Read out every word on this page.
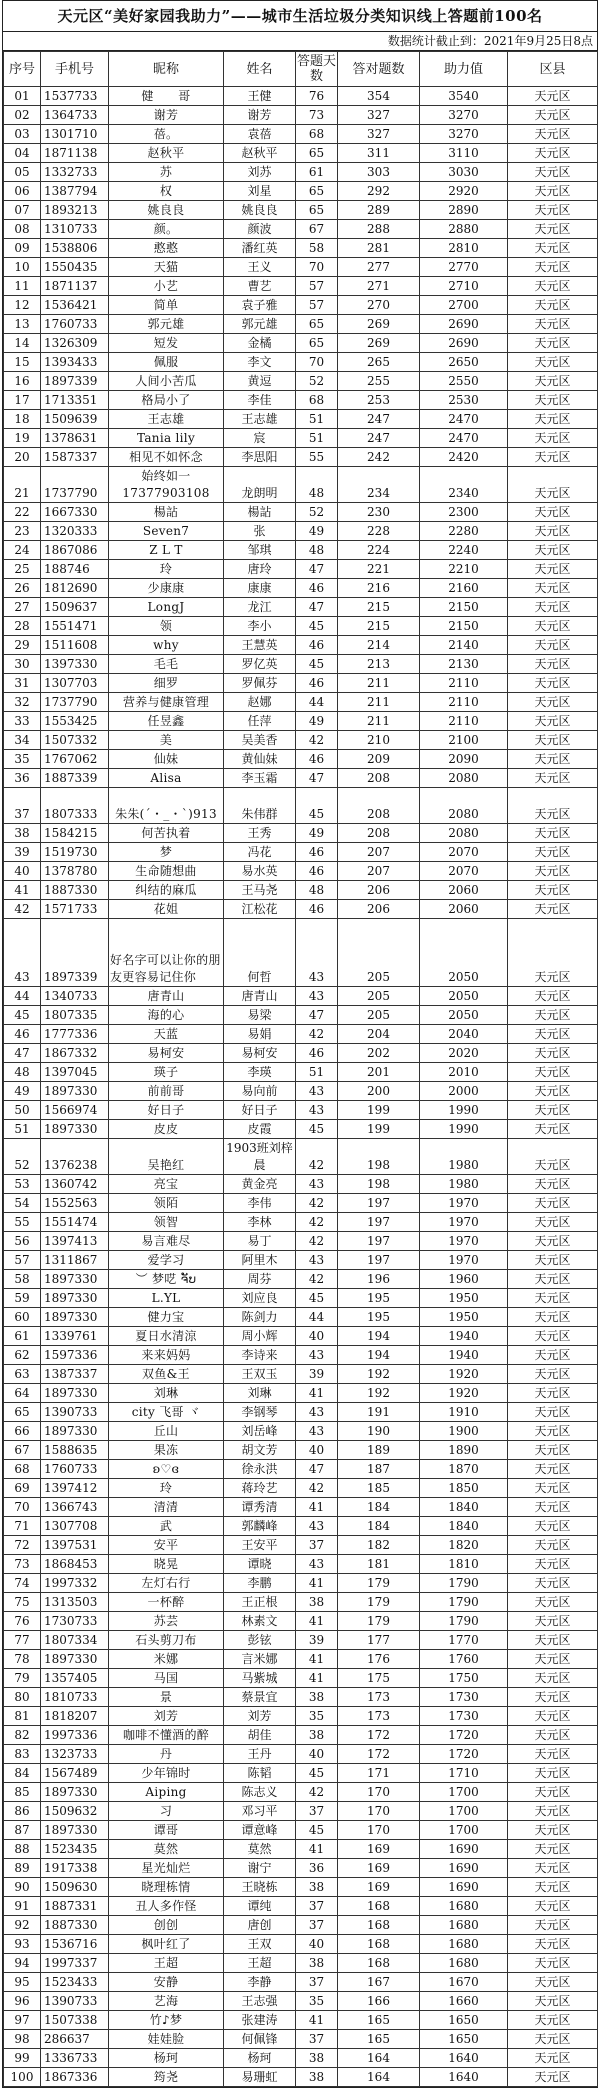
天元区“美好家园我助力”——城市生活垃圾分类知识线上答题前100名
数据统计截止到：2021年9月25日8点
序号	手机号	昵称	姓名	答题天数	答对题数	助力值	区县
01	1537733	健　　哥	王健	76	354	3540	天元区
02	1364733	谢芳	谢芳	73	327	3270	天元区
03	1301710	蓓。	袁蓓	68	327	3270	天元区
04	1871138	赵秋平	赵秋平	65	311	3110	天元区
05	1332733	苏	刘苏	61	303	3030	天元区
06	1387794	权	刘星	65	292	2920	天元区
07	1893213	姚良良	姚良良	65	289	2890	天元区
08	1310733	颜。	颜波	67	288	2880	天元区
09	1538806	憨憨	潘红英	58	281	2810	天元区
10	1550435	天猫	王义	70	277	2770	天元区
11	1871137	小艺	曹艺	57	271	2710	天元区
12	1536421	简单	袁子雅	57	270	2700	天元区
13	1760733	郭元雄	郭元雄	65	269	2690	天元区
14	1326309	短发	金橘	65	269	2690	天元区
15	1393433	佩服	李文	70	265	2650	天元区
16	1897339	人间小苦瓜	黄逗	52	255	2550	天元区
17	1713351	格局小了	李佳	68	253	2530	天元区
18	1509639	王志雄	王志雄	51	247	2470	天元区
19	1378631	Tania lily	宸	51	247	2470	天元区
20	1587337	相见不如怀念	李思阳	55	242	2420	天元区
21	1737790	始终如一17377903108	龙朗明	48	234	2340	天元区
22	1667330	楊詀	楊詀	52	230	2300	天元区
23	1320333	Seven7	张	49	228	2280	天元区
24	1867086	Z L T	邹琪	48	224	2240	天元区
25	188746	玲	唐玲	47	221	2210	天元区
26	1812690	少康康	康康	46	216	2160	天元区
27	1509637	LongJ	龙江	47	215	2150	天元区
28	1551471	领	李小	45	215	2150	天元区
29	1511608	why	王慧英	46	214	2140	天元区
30	1397330	毛毛	罗亿英	45	213	2130	天元区
31	1307703	细罗	罗佩芬	46	211	2110	天元区
32	1737790	营养与健康管理	赵娜	44	211	2110	天元区
33	1553425	任昱鑫	任萍	49	211	2110	天元区
34	1507332	美	吴美香	42	210	2100	天元区
35	1767062	仙妹	黄仙妹	46	209	2090	天元区
36	1887339	Alisa	李玉霜	47	208	2080	天元区
37	1807333	朱朱(´・_・`)913	朱伟群	45	208	2080	天元区
38	1584215	何苦执着	王秀	49	208	2080	天元区
39	1519730	梦	冯花	46	207	2070	天元区
40	1378780	生命随想曲	易水英	46	207	2070	天元区
41	1887330	纠结的麻瓜	王马尧	48	206	2060	天元区
42	1571733	花姐	江松花	46	206	2060	天元区
43	1897339	好名字可以让你的朋友更容易记住你	何哲	43	205	2050	天元区
44	1340733	唐青山	唐青山	43	205	2050	天元区
45	1807335	海的心	易梁	47	205	2050	天元区
46	1777336	天蓝	易娟	42	204	2040	天元区
47	1867332	易柯安	易柯安	46	202	2020	天元区
48	1397045	瑛子	李瑛	51	201	2010	天元区
49	1897330	前前哥	易向前	43	200	2000	天元区
50	1566974	好日子	好日子	43	199	1990	天元区
51	1897330	皮皮	皮霞	45	199	1990	天元区
52	1376238	吴艳红	1903班刘梓晨	42	198	1980	天元区
53	1360742	亮宝	黄金亮	43	198	1980	天元区
54	1552563	领陌	李伟	42	197	1970	天元区
55	1551474	领智	李林	42	197	1970	天元区
56	1397413	易言难尽	易丁	42	197	1970	天元区
57	1311867	爱学习	阿里木	43	197	1970	天元区
58	1897330	︶ 梦呓 ຈັບ	周芬	42	196	1960	天元区
59	1897330	L.YL	刘应良	45	195	1950	天元区
60	1897330	健力宝	陈剑力	44	195	1950	天元区
61	1339761	夏日水清涼	周小辉	40	194	1940	天元区
62	1597336	来来妈妈	李诗来	43	194	1940	天元区
63	1387337	双鱼&王	王双玉	39	192	1920	天元区
64	1897330	刘琳	刘琳	41	192	1920	天元区
65	1390733	city 飞哥 ヾ	李钢琴	43	191	1910	天元区
66	1897330	丘山	刘岳峰	43	190	1900	天元区
67	1588635	果冻	胡文芳	40	189	1890	天元区
68	1760733	ʚ♡ɞ	徐永洪	47	187	1870	天元区
69	1397412	玲	蒋玲艺	42	185	1850	天元区
70	1366743	清清	谭秀清	41	184	1840	天元区
71	1307708	武	郭麟峰	43	184	1840	天元区
72	1397531	安平	王安平	37	182	1820	天元区
73	1868453	晓晃	谭晓	43	181	1810	天元区
74	1997332	左灯右行	李鹏	41	179	1790	天元区
75	1313503	一杯醉	王正根	38	179	1790	天元区
76	1730733	苏芸	林素文	41	179	1790	天元区
77	1807334	石头剪刀布	彭铉	39	177	1770	天元区
78	1897330	米娜	言米娜	41	176	1760	天元区
79	1357405	马国	马紫城	41	175	1750	天元区
80	1810733	景	蔡景宜	38	173	1730	天元区
81	1818207	刘芳	刘芳	35	173	1730	天元区
82	1997336	咖啡不懂酒的醉	胡佳	38	172	1720	天元区
83	1323733	丹	王丹	40	172	1720	天元区
84	1567489	少年锦时	陈韬	45	171	1710	天元区
85	1897330	Aiping	陈志义	42	170	1700	天元区
86	1509632	习	邓习平	37	170	1700	天元区
87	1897330	谭哥	谭意峰	45	170	1700	天元区
88	1523435	莫然	莫然	41	169	1690	天元区
89	1917338	星光灿烂	谢宁	36	169	1690	天元区
90	1509630	晓理栋情	王晓栋	38	169	1690	天元区
91	1887331	丑人多作怪	谭纯	37	168	1680	天元区
92	1887330	创创	唐创	37	168	1680	天元区
93	1536716	枫叶红了	王双	40	168	1680	天元区
94	1997337	王超	王超	38	168	1680	天元区
95	1523433	安静	李静	37	167	1670	天元区
96	1390733	艺海	王志强	35	166	1660	天元区
97	1507338	竹♪梦	张建涛	41	165	1650	天元区
98	286637	娃娃脸	何佩锋	37	165	1650	天元区
99	1336733	杨珂	杨珂	38	164	1640	天元区
100	1867336	筠尧	易珊虹	38	164	1640	天元区
